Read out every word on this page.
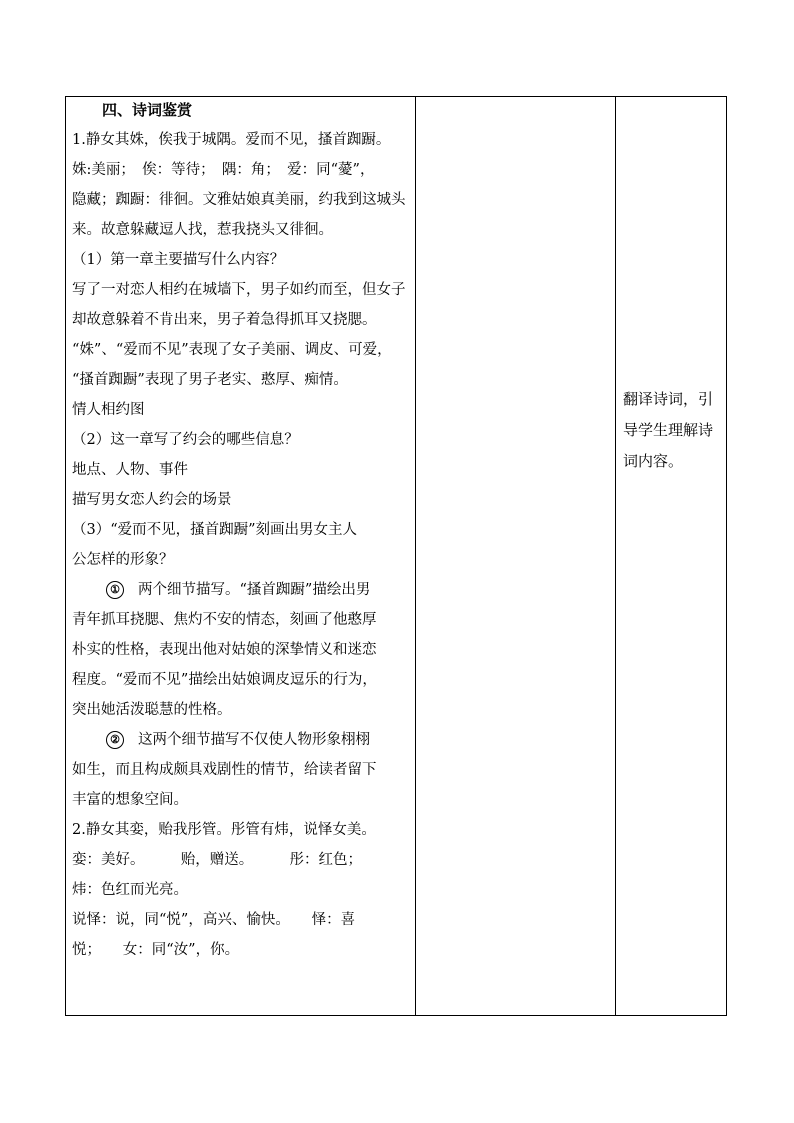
四、诗词鉴赏
1.静女其姝，俟我于城隅。爱而不见，搔首踟蹰。
姝:美丽；　俟：等待；　隅：角；　爱：同“薆”，
隐藏；踟蹰：徘徊。文雅姑娘真美丽，约我到这城头
来。故意躲藏逗人找，惹我挠头又徘徊。
（1）第一章主要描写什么内容？
写了一对恋人相约在城墙下，男子如约而至，但女子
却故意躲着不肯出来，男子着急得抓耳又挠腮。
“姝”、“爱而不见”表现了女子美丽、调皮、可爱，
“搔首踟蹰”表现了男子老实、憨厚、痴情。
情人相约图
（2）这一章写了约会的哪些信息？
地点、人物、事件
描写男女恋人约会的场景
（3）“爱而不见，搔首踟蹰”刻画出男女主人
公怎样的形象？
① 两个细节描写。“搔首踟蹰”描绘出男
青年抓耳挠腮、焦灼不安的情态，刻画了他憨厚
朴实的性格，表现出他对姑娘的深挚情义和迷恋
程度。“爱而不见”描绘出姑娘调皮逗乐的行为，
突出她活泼聪慧的性格。
② 这两个细节描写不仅使人物形象栩栩
如生，而且构成颇具戏剧性的情节，给读者留下
丰富的想象空间。
2.静女其娈，贻我彤管。彤管有炜，说怿女美。
娈：美好。　　　贻，赠送。　　　彤：红色；
炜：色红而光亮。
说怿：说，同“悦”，高兴、愉快。　　怿：喜
悦；　　女：同“汝”，你。
翻译诗词，引
导学生理解诗
词内容。
